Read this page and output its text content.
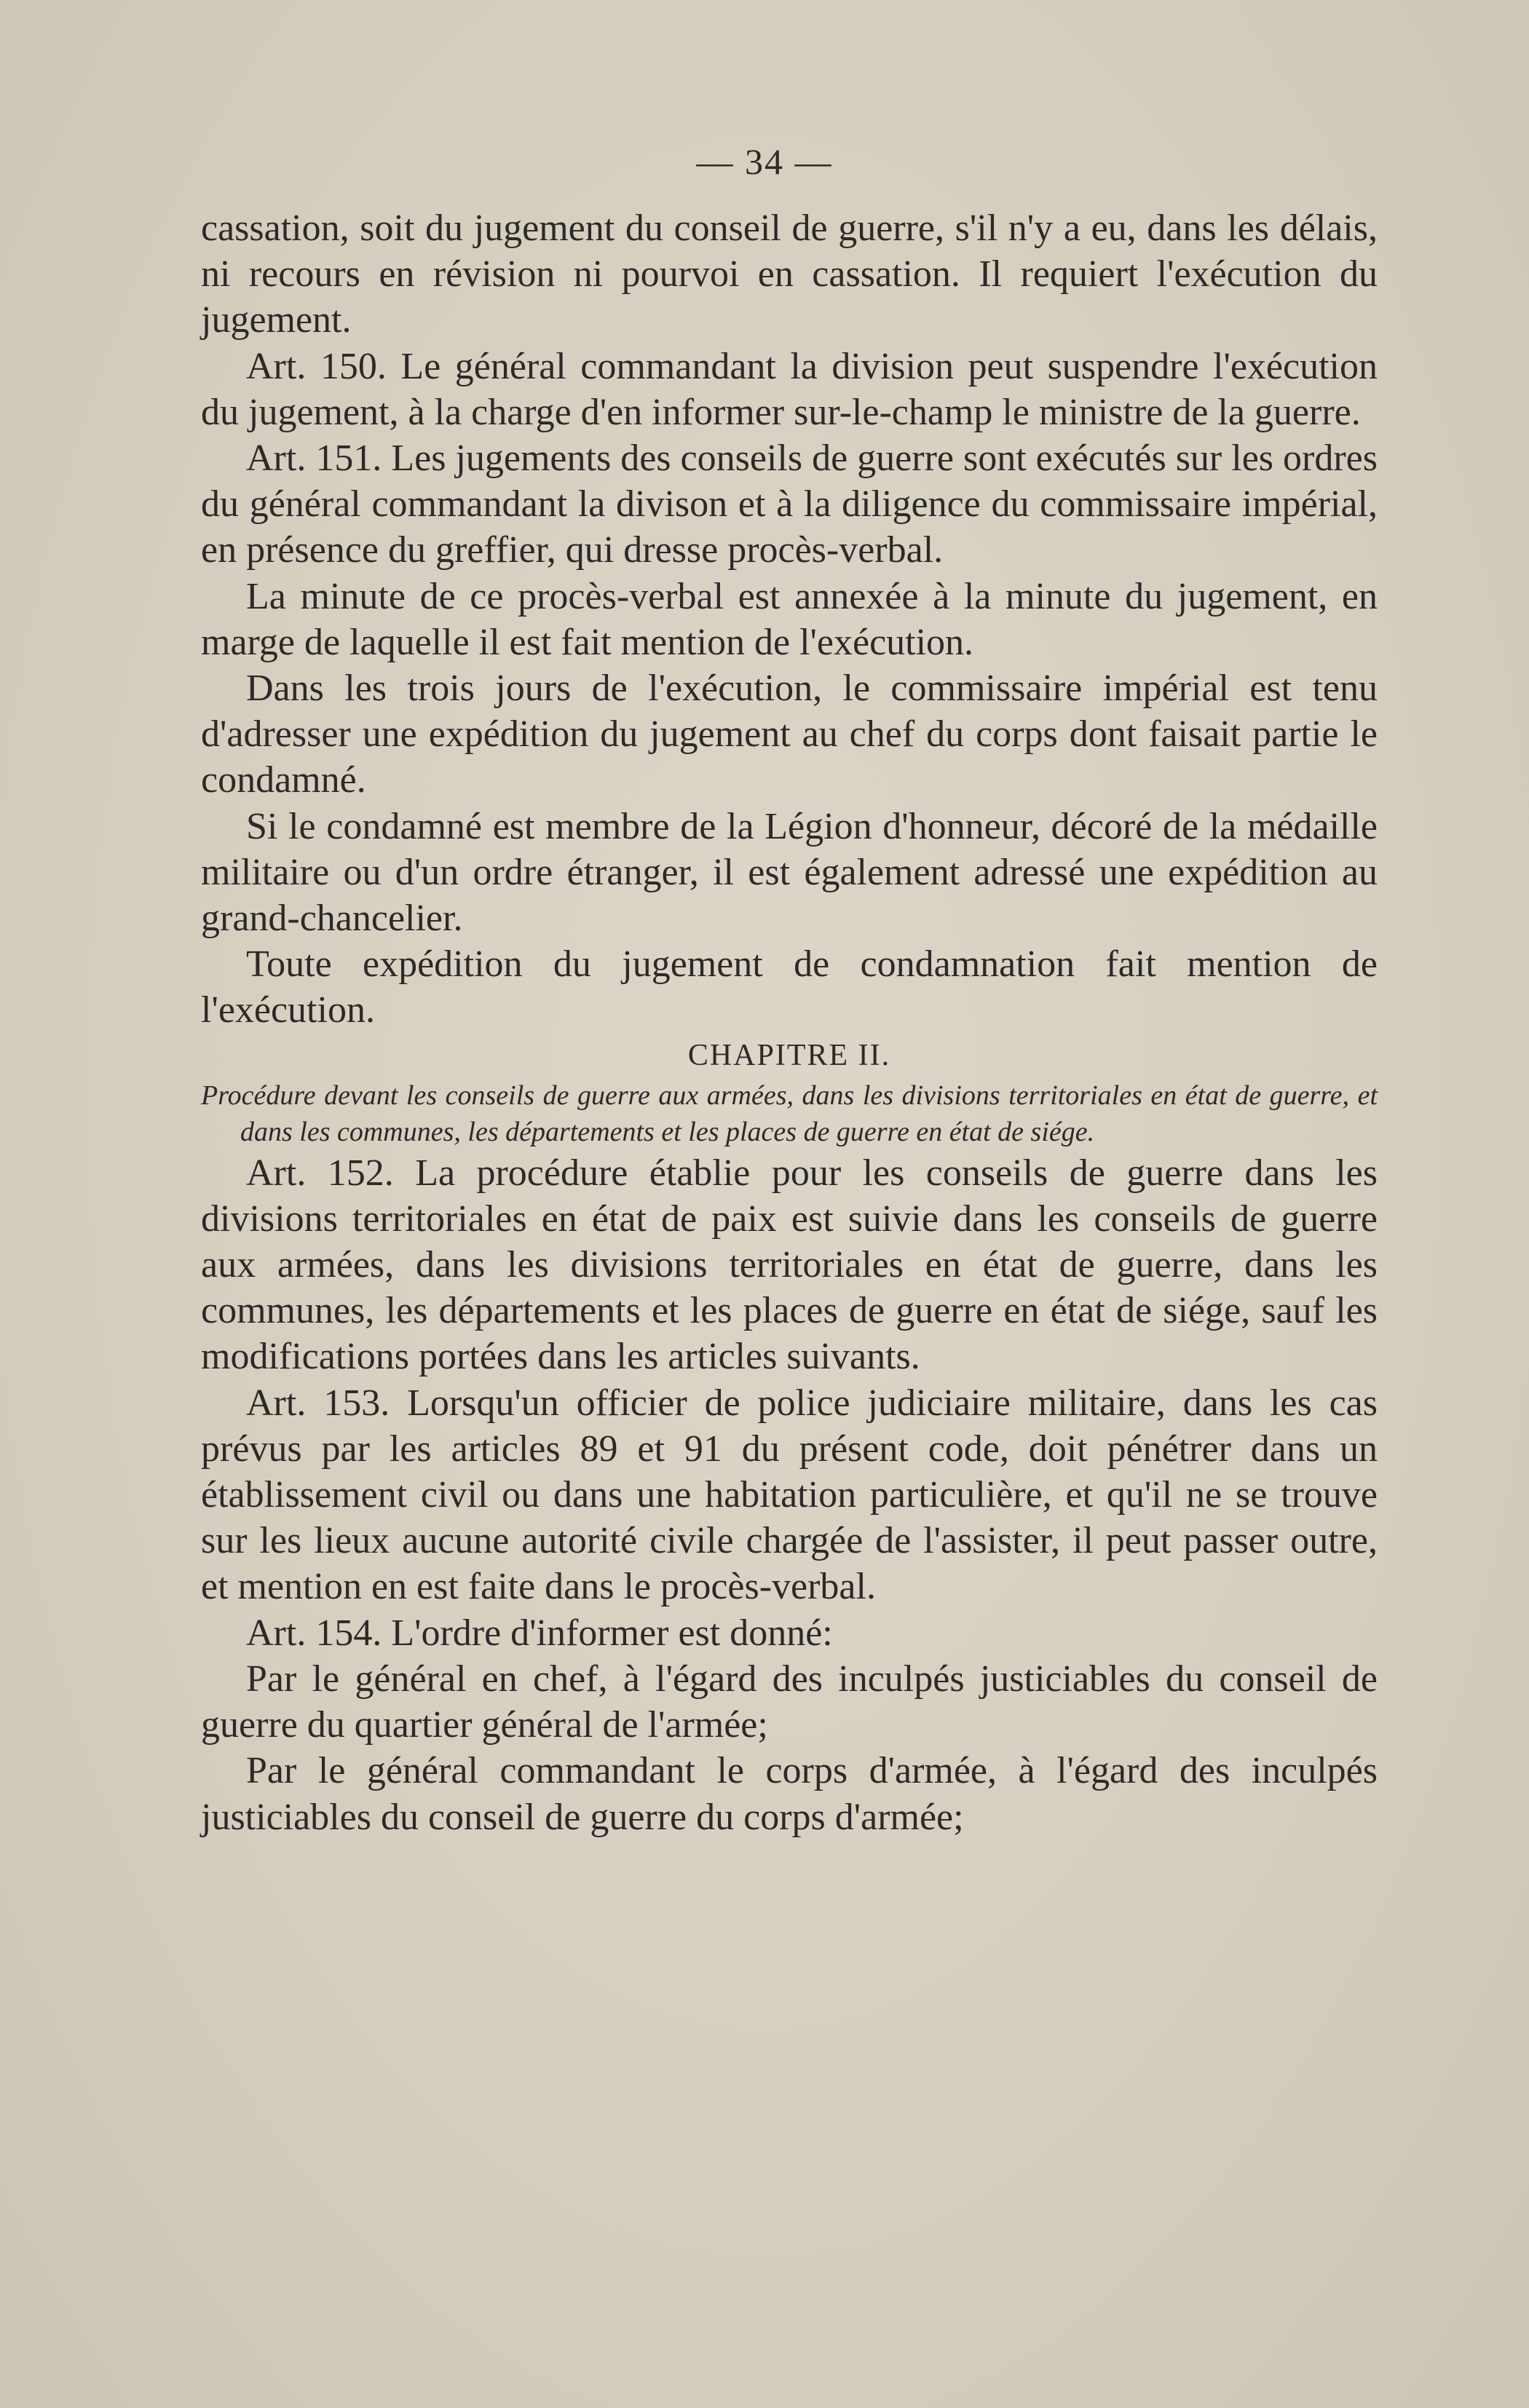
— 34 —

cassation, soit du jugement du conseil de guerre, s'il n'y a eu, dans les délais, ni recours en révision ni pourvoi en cassation. Il requiert l'exécution du jugement.

Art. 150. Le général commandant la division peut suspendre l'exécution du jugement, à la charge d'en informer sur-le-champ le ministre de la guerre.

Art. 151. Les jugements des conseils de guerre sont exécutés sur les ordres du général commandant la divison et à la diligence du commissaire impérial, en présence du greffier, qui dresse procès-verbal.

La minute de ce procès-verbal est annexée à la minute du jugement, en marge de laquelle il est fait mention de l'exécution.

Dans les trois jours de l'exécution, le commissaire impérial est tenu d'adresser une expédition du jugement au chef du corps dont faisait partie le condamné.

Si le condamné est membre de la Légion d'honneur, décoré de la médaille militaire ou d'un ordre étranger, il est également adressé une expédition au grand-chancelier.

Toute expédition du jugement de condamnation fait mention de l'exécution.

CHAPITRE II.

Procédure devant les conseils de guerre aux armées, dans les divisions territoriales en état de guerre, et dans les communes, les départements et les places de guerre en état de siége.

Art. 152. La procédure établie pour les conseils de guerre dans les divisions territoriales en état de paix est suivie dans les conseils de guerre aux armées, dans les divisions territoriales en état de guerre, dans les communes, les départements et les places de guerre en état de siége, sauf les modifications portées dans les articles suivants.

Art. 153. Lorsqu'un officier de police judiciaire militaire, dans les cas prévus par les articles 89 et 91 du présent code, doit pénétrer dans un établissement civil ou dans une habitation particulière, et qu'il ne se trouve sur les lieux aucune autorité civile chargée de l'assister, il peut passer outre, et mention en est faite dans le procès-verbal.

Art. 154. L'ordre d'informer est donné:

Par le général en chef, à l'égard des inculpés justiciables du conseil de guerre du quartier général de l'armée;

Par le général commandant le corps d'armée, à l'égard des inculpés justiciables du conseil de guerre du corps d'armée;
